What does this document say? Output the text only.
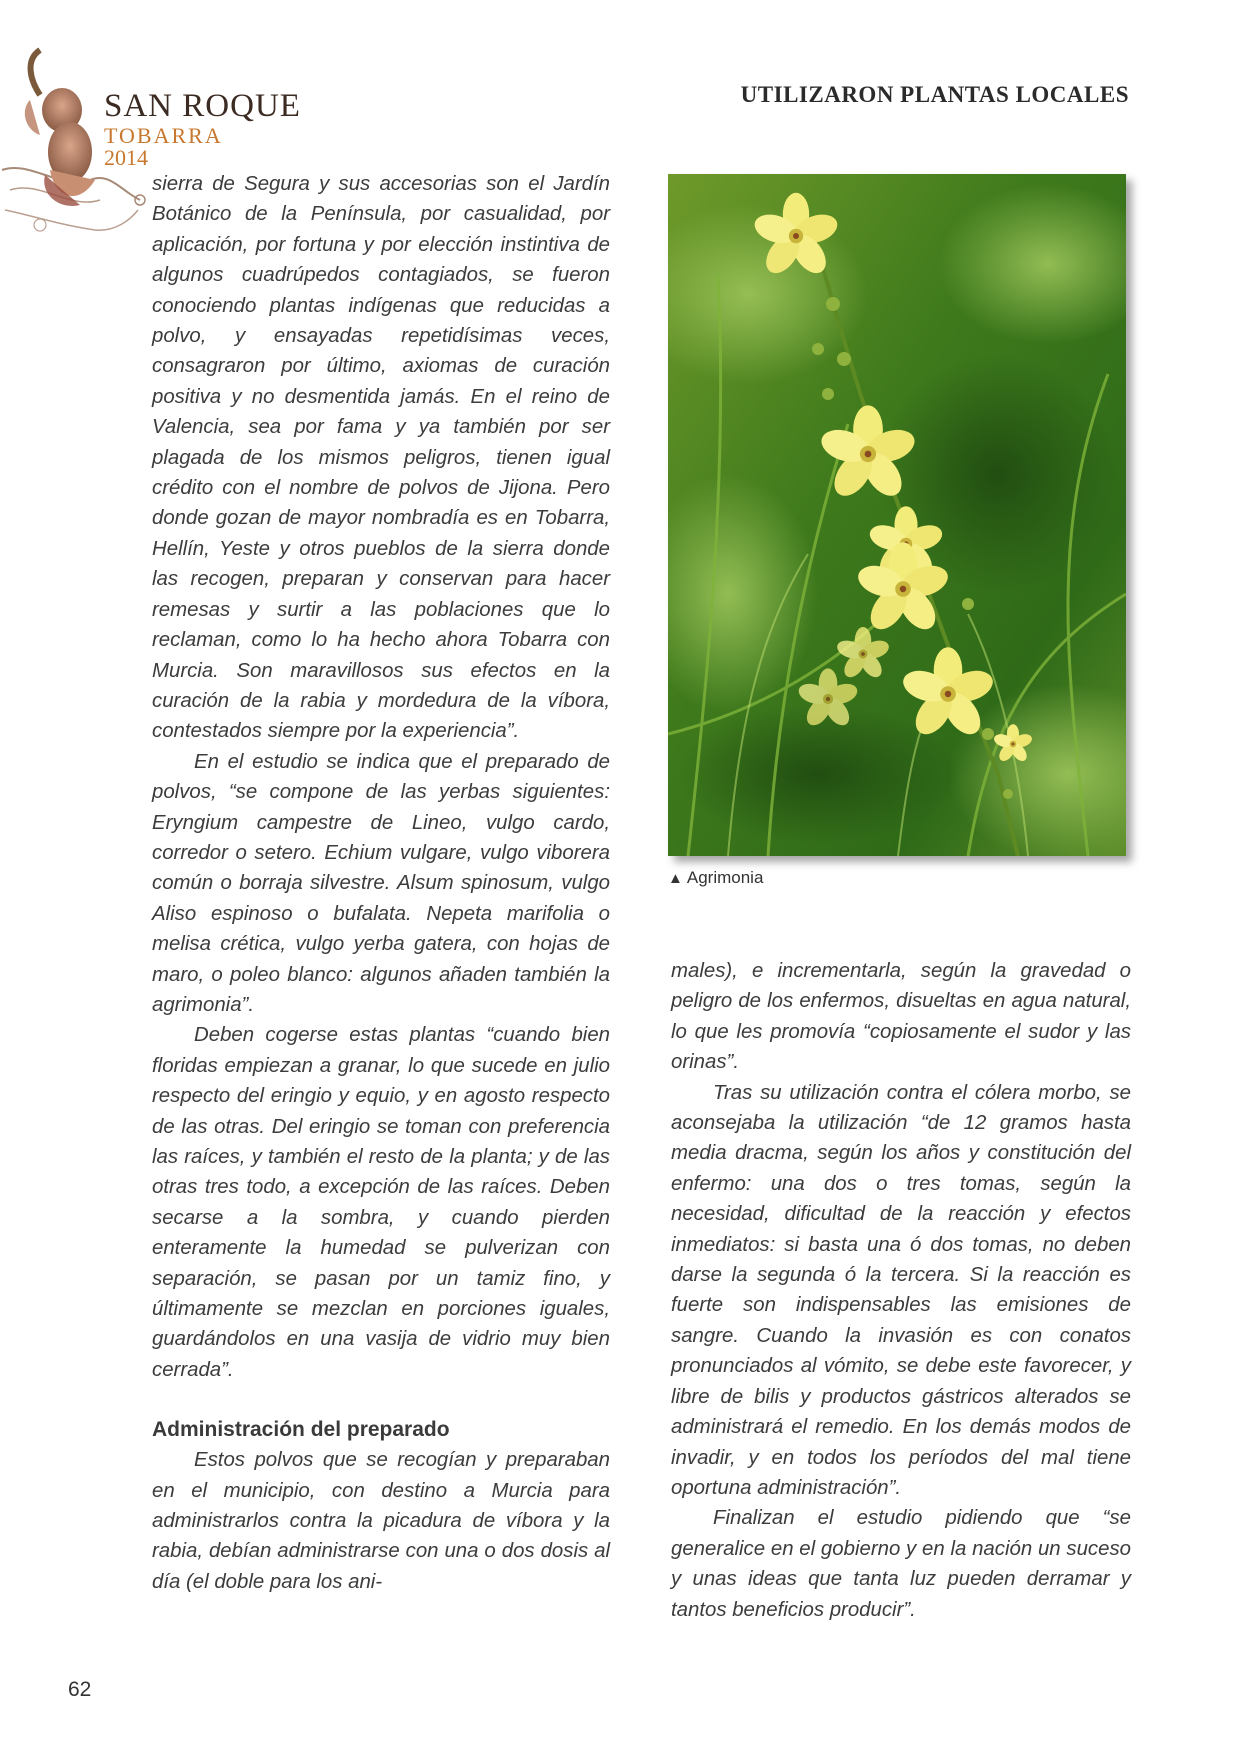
SAN ROQUE
TOBARRA
2014
UTILIZARON PLANTAS LOCALES

sierra de Segura y sus accesorias son el Jardín Botánico de la Península, por casualidad, por aplicación, por fortuna y por elección instintiva de algunos cuadrúpedos contagiados, se fueron conociendo plantas indígenas que reducidas a polvo, y ensayadas repetidísimas veces, consagraron por último, axiomas de curación positiva y no desmentida jamás. En el reino de Valencia, sea por fama y ya también por ser plagada de los mismos peligros, tienen igual crédito con el nombre de polvos de Jijona. Pero donde gozan de mayor nombradía es en Tobarra, Hellín, Yeste y otros pueblos de la sierra donde las recogen, preparan y conservan para hacer remesas y surtir a las poblaciones que lo reclaman, como lo ha hecho ahora Tobarra con Murcia. Son maravillosos sus efectos en la curación de la rabia y mordedura de la víbora, contestados siempre por la experiencia”.

En el estudio se indica que el preparado de polvos, “se compone de las yerbas siguientes: Eryngium campestre de Lineo, vulgo cardo, corredor o setero. Echium vulgare, vulgo viborera común o borraja silvestre. Alsum spinosum, vulgo Aliso espinoso o bufalata. Nepeta marifolia o melisa crética, vulgo yerba gatera, con hojas de maro, o poleo blanco: algunos añaden también la agrimonia”.

Deben cogerse estas plantas “cuando bien floridas empiezan a granar, lo que sucede en julio respecto del eringio y equio, y en agosto respecto de las otras. Del eringio se toman con preferencia las raíces, y también el resto de la planta; y de las otras tres todo, a excepción de las raíces. Deben secarse a la sombra, y cuando pierden enteramente la humedad se pulverizan con separación, se pasan por un tamiz fino, y últimamente se mezclan en porciones iguales, guardándolos en una vasija de vidrio muy bien cerrada”.

Administración del preparado

Estos polvos que se recogían y preparaban en el municipio, con destino a Murcia para administrarlos contra la picadura de víbora y la rabia, debían administrarse con una o dos dosis al día (el doble para los ani-

▲ Agrimonia

males), e incrementarla, según la gravedad o peligro de los enfermos, disueltas en agua natural, lo que les promovía “copiosamente el sudor y las orinas”.

Tras su utilización contra el cólera morbo, se aconsejaba la utilización “de 12 gramos hasta media dracma, según los años y constitución del enfermo: una dos o tres tomas, según la necesidad, dificultad de la reacción y efectos inmediatos: si basta una ó dos tomas, no deben darse la segunda ó la tercera. Si la reacción es fuerte son indispensables las emisiones de sangre. Cuando la invasión es con conatos pronunciados al vómito, se debe este favorecer, y libre de bilis y productos gástricos alterados se administrará el remedio. En los demás modos de invadir, y en todos los períodos del mal tiene oportuna administración”.

Finalizan el estudio pidiendo que “se generalice en el gobierno y en la nación un suceso y unas ideas que tanta luz pueden derramar y tantos beneficios producir”.

62
